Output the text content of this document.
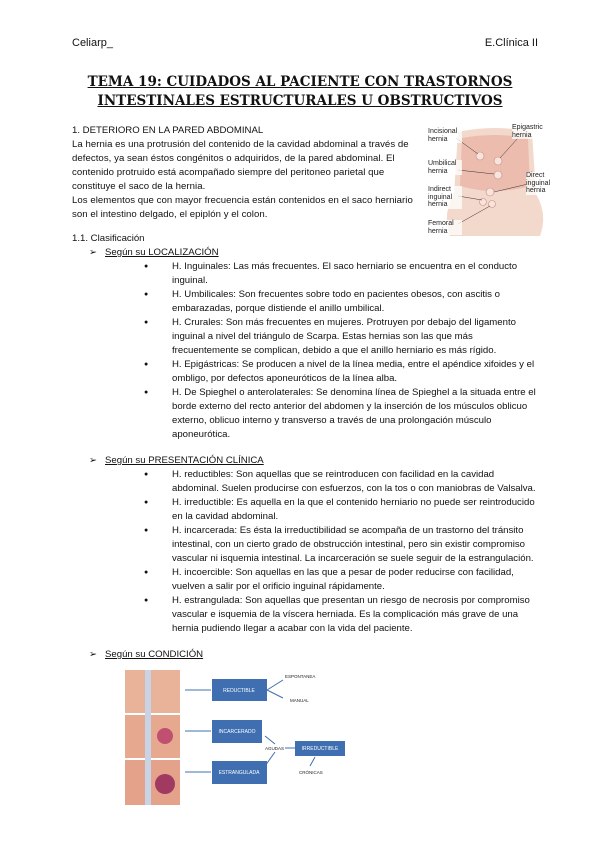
Celiarp_	E.Clínica II
TEMA 19: CUIDADOS AL PACIENTE CON TRASTORNOS
INTESTINALES ESTRUCTURALES U OBSTRUCTIVOS
1. DETERIORO EN LA PARED ABDOMINAL
La hernia es una protrusión del contenido de la cavidad abdominal a través de defectos, ya sean éstos congénitos o adquiridos, de la pared abdominal. El contenido protruido está acompañado siempre del peritoneo parietal que constituye el saco de la hernia.
Los elementos que con mayor frecuencia están contenidos en el saco herniario son el intestino delgado, el epiplón y el colon.
1.1. Clasificación
➢ Según su LOCALIZACIÓN
● H. Inguinales: Las más frecuentes. El saco herniario se encuentra en el conducto inguinal.
● H. Umbilicales: Son frecuentes sobre todo en pacientes obesos, con ascitis o embarazadas, porque distiende el anillo umbilical.
● H. Crurales: Son más frecuentes en mujeres. Protruyen por debajo del ligamento inguinal a nivel del triángulo de Scarpa. Estas hernias son las que más frecuentemente se complican, debido a que el anillo herniario es más rígido.
● H. Epigástricas: Se producen a nivel de la línea media, entre el apéndice xifoides y el ombligo, por defectos aponeuróticos de la línea alba.
● H. De Spieghel o anterolaterales: Se denomina línea de Spieghel a la situada entre el borde externo del recto anterior del abdomen y la inserción de los músculos oblicuo externo, oblicuo interno y transverso a través de una prolongación músculo aponeurótica.
➢ Según su PRESENTACIÓN CLÍNICA
● H. reductibles: Son aquellas que se reintroducen con facilidad en la cavidad abdominal. Suelen producirse con esfuerzos, con la tos o con maniobras de Valsalva.
● H. irreductible: Es aquella en la que el contenido herniario no puede ser reintroducido en la cavidad abdominal.
● H. incarcerada: Es ésta la irreductibilidad se acompaña de un trastorno del tránsito intestinal, con un cierto grado de obstrucción intestinal, pero sin existir compromiso vascular ni isquemia intestinal. La incarceración se suele seguir de la estrangulación.
● H. incoercible: Son aquellas en las que a pesar de poder reducirse con facilidad, vuelven a salir por el orificio inguinal rápidamente.
● H. estrangulada: Son aquellas que presentan un riesgo de necrosis por compromiso vascular e isquemia de la víscera herniada. Es la complicación más grave de una hernia pudiendo llegar a acabar con la vida del paciente.
➢ Según su CONDICIÓN
REDUCTIBLE
INCARCERADO
ESTRANGULADA
IRREDUCTIBLE
ESPONTANEA
MANUAL
AGUDAS
CRÓNICAS
Incisional hernia
Epigastric hernia
Umbilical hernia
Direct inguinal hernia
Indirect inguinal hernia
Femoral hernia
